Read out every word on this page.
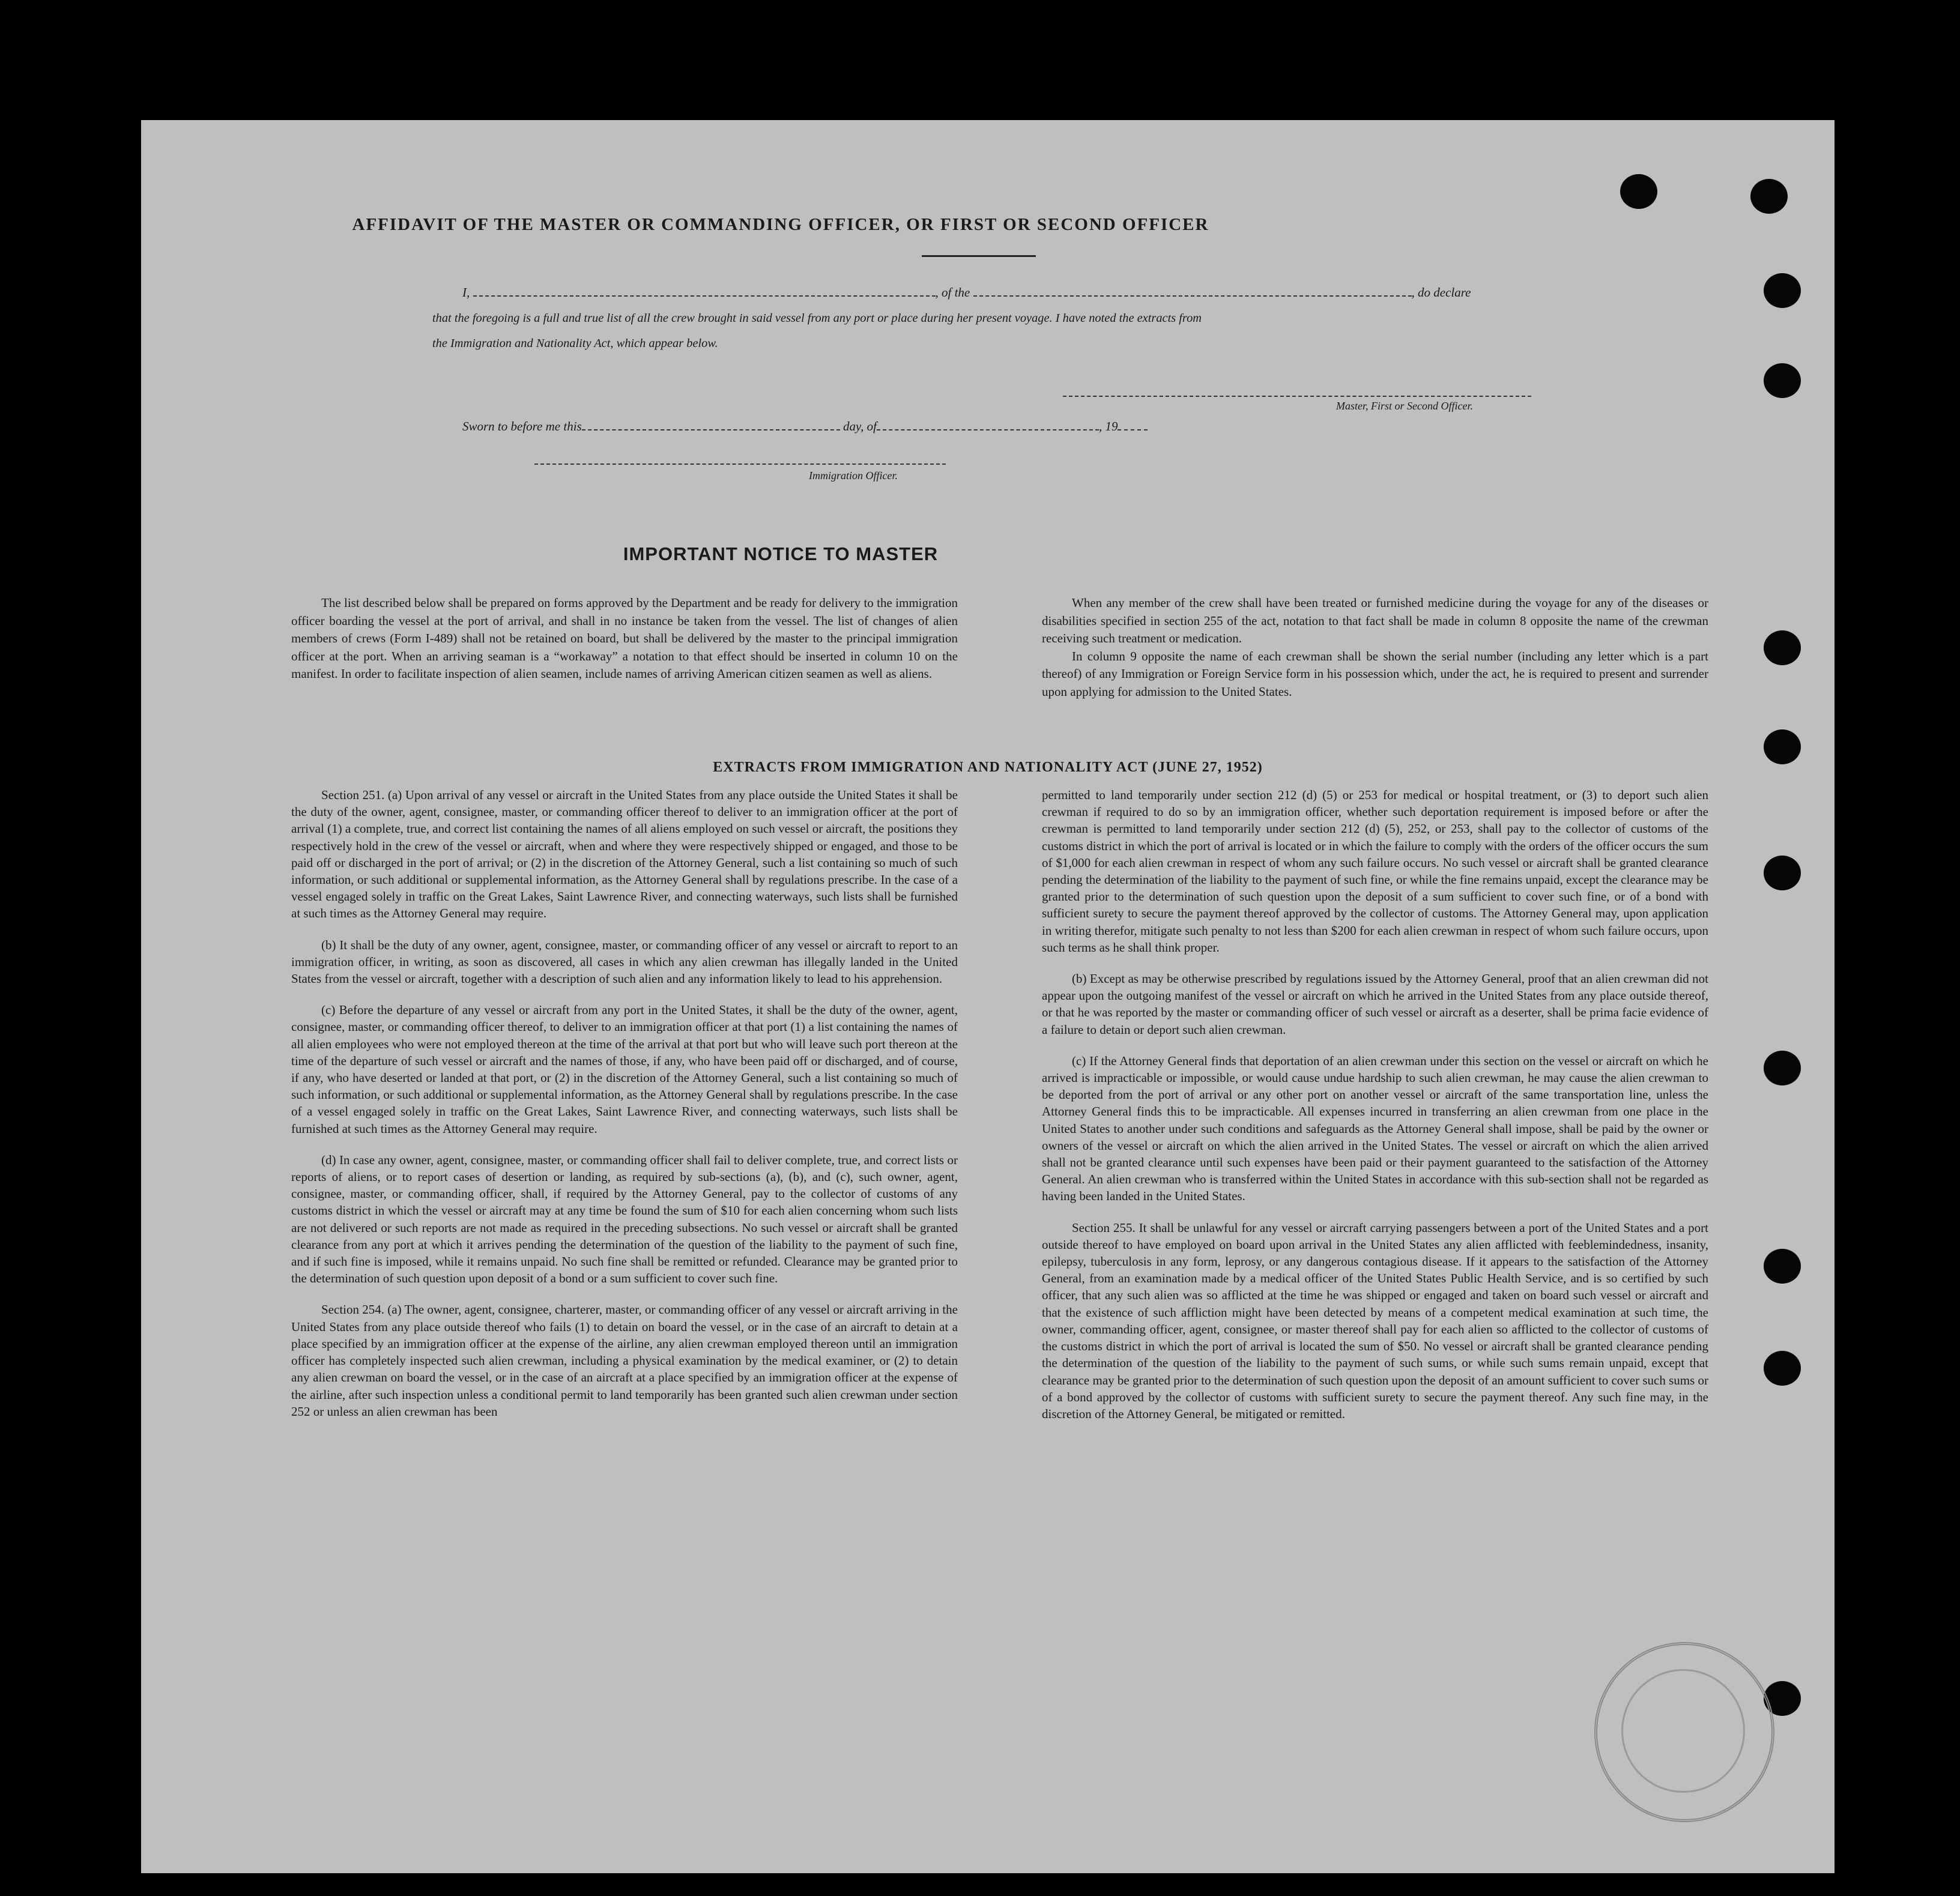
AFFIDAVIT OF THE MASTER OR COMMANDING OFFICER, OR FIRST OR SECOND OFFICER
I,	, of the	, do declare
that the foregoing is a full and true list of all the crew brought in said vessel from any port or place during her present voyage. I have noted the extracts from
the Immigration and Nationality Act, which appear below.
Master, First or Second Officer.
Sworn to before me this	day, of	, 19
Immigration Officer.
IMPORTANT NOTICE TO MASTER

The list described below shall be prepared on forms approved by the Department and be ready for delivery to the immigration officer boarding the vessel at the port of arrival, and shall in no instance be taken from the vessel. The list of changes of alien members of crews (Form I-489) shall not be retained on board, but shall be delivered by the master to the principal immigration officer at the port. When an arriving seaman is a “workaway” a notation to that effect should be inserted in column 10 on the manifest. In order to facilitate inspection of alien seamen, include names of arriving American citizen seamen as well as aliens.

When any member of the crew shall have been treated or furnished medicine during the voyage for any of the diseases or disabilities specified in section 255 of the act, notation to that fact shall be made in column 8 opposite the name of the crewman receiving such treatment or medication.

In column 9 opposite the name of each crewman shall be shown the serial number (including any letter which is a part thereof) of any Immigration or Foreign Service form in his possession which, under the act, he is required to present and surrender upon applying for admission to the United States.

EXTRACTS FROM IMMIGRATION AND NATIONALITY ACT (JUNE 27, 1952)

Section 251. (a) Upon arrival of any vessel or aircraft in the United States from any place outside the United States it shall be the duty of the owner, agent, consignee, master, or commanding officer thereof to deliver to an immigration officer at the port of arrival (1) a complete, true, and correct list containing the names of all aliens employed on such vessel or aircraft, the positions they respectively hold in the crew of the vessel or aircraft, when and where they were respectively shipped or engaged, and those to be paid off or discharged in the port of arrival; or (2) in the discretion of the Attorney General, such a list containing so much of such information, or such additional or supplemental information, as the Attorney General shall by regulations prescribe. In the case of a vessel engaged solely in traffic on the Great Lakes, Saint Lawrence River, and connecting waterways, such lists shall be furnished at such times as the Attorney General may require.

(b) It shall be the duty of any owner, agent, consignee, master, or commanding officer of any vessel or aircraft to report to an immigration officer, in writing, as soon as discovered, all cases in which any alien crewman has illegally landed in the United States from the vessel or aircraft, together with a description of such alien and any information likely to lead to his apprehension.

(c) Before the departure of any vessel or aircraft from any port in the United States, it shall be the duty of the owner, agent, consignee, master, or commanding officer thereof, to deliver to an immigration officer at that port (1) a list containing the names of all alien employees who were not employed thereon at the time of the arrival at that port but who will leave such port thereon at the time of the departure of such vessel or aircraft and the names of those, if any, who have been paid off or discharged, and of course, if any, who have deserted or landed at that port, or (2) in the discretion of the Attorney General, such a list containing so much of such information, or such additional or supplemental information, as the Attorney General shall by regulations prescribe. In the case of a vessel engaged solely in traffic on the Great Lakes, Saint Lawrence River, and connecting waterways, such lists shall be furnished at such times as the Attorney General may require.

(d) In case any owner, agent, consignee, master, or commanding officer shall fail to deliver complete, true, and correct lists or reports of aliens, or to report cases of desertion or landing, as required by sub-sections (a), (b), and (c), such owner, agent, consignee, master, or commanding officer, shall, if required by the Attorney General, pay to the collector of customs of any customs district in which the vessel or aircraft may at any time be found the sum of $10 for each alien concerning whom such lists are not delivered or such reports are not made as required in the preceding subsections. No such vessel or aircraft shall be granted clearance from any port at which it arrives pending the determination of the question of the liability to the payment of such fine, and if such fine is imposed, while it remains unpaid. No such fine shall be remitted or refunded. Clearance may be granted prior to the determination of such question upon deposit of a bond or a sum sufficient to cover such fine.

Section 254. (a) The owner, agent, consignee, charterer, master, or commanding officer of any vessel or aircraft arriving in the United States from any place outside thereof who fails (1) to detain on board the vessel, or in the case of an aircraft to detain at a place specified by an immigration officer at the expense of the airline, any alien crewman employed thereon until an immigration officer has completely inspected such alien crewman, including a physical examination by the medical examiner, or (2) to detain any alien crewman on board the vessel, or in the case of an aircraft at a place specified by an immigration officer at the expense of the airline, after such inspection unless a conditional permit to land temporarily has been granted such alien crewman under section 252 or unless an alien crewman has been

permitted to land temporarily under section 212 (d) (5) or 253 for medical or hospital treatment, or (3) to deport such alien crewman if required to do so by an immigration officer, whether such deportation requirement is imposed before or after the crewman is permitted to land temporarily under section 212 (d) (5), 252, or 253, shall pay to the collector of customs of the customs district in which the port of arrival is located or in which the failure to comply with the orders of the officer occurs the sum of $1,000 for each alien crewman in respect of whom any such failure occurs. No such vessel or aircraft shall be granted clearance pending the determination of the liability to the payment of such fine, or while the fine remains unpaid, except the clearance may be granted prior to the determination of such question upon the deposit of a sum sufficient to cover such fine, or of a bond with sufficient surety to secure the payment thereof approved by the collector of customs. The Attorney General may, upon application in writing therefor, mitigate such penalty to not less than $200 for each alien crewman in respect of whom such failure occurs, upon such terms as he shall think proper.

(b) Except as may be otherwise prescribed by regulations issued by the Attorney General, proof that an alien crewman did not appear upon the outgoing manifest of the vessel or aircraft on which he arrived in the United States from any place outside thereof, or that he was reported by the master or commanding officer of such vessel or aircraft as a deserter, shall be prima facie evidence of a failure to detain or deport such alien crewman.

(c) If the Attorney General finds that deportation of an alien crewman under this section on the vessel or aircraft on which he arrived is impracticable or impossible, or would cause undue hardship to such alien crewman, he may cause the alien crewman to be deported from the port of arrival or any other port on another vessel or aircraft of the same transportation line, unless the Attorney General finds this to be impracticable. All expenses incurred in transferring an alien crewman from one place in the United States to another under such conditions and safeguards as the Attorney General shall impose, shall be paid by the owner or owners of the vessel or aircraft on which the alien arrived in the United States. The vessel or aircraft on which the alien arrived shall not be granted clearance until such expenses have been paid or their payment guaranteed to the satisfaction of the Attorney General. An alien crewman who is transferred within the United States in accordance with this sub-section shall not be regarded as having been landed in the United States.

Section 255. It shall be unlawful for any vessel or aircraft carrying passengers between a port of the United States and a port outside thereof to have employed on board upon arrival in the United States any alien afflicted with feeblemindedness, insanity, epilepsy, tuberculosis in any form, leprosy, or any dangerous contagious disease. If it appears to the satisfaction of the Attorney General, from an examination made by a medical officer of the United States Public Health Service, and is so certified by such officer, that any such alien was so afflicted at the time he was shipped or engaged and taken on board such vessel or aircraft and that the existence of such affliction might have been detected by means of a competent medical examination at such time, the owner, commanding officer, agent, consignee, or master thereof shall pay for each alien so afflicted to the collector of customs of the customs district in which the port of arrival is located the sum of $50. No vessel or aircraft shall be granted clearance pending the determination of the question of the liability to the payment of such sums, or while such sums remain unpaid, except that clearance may be granted prior to the determination of such question upon the deposit of an amount sufficient to cover such sums or of a bond approved by the collector of customs with sufficient surety to secure the payment thereof. Any such fine may, in the discretion of the Attorney General, be mitigated or remitted.
